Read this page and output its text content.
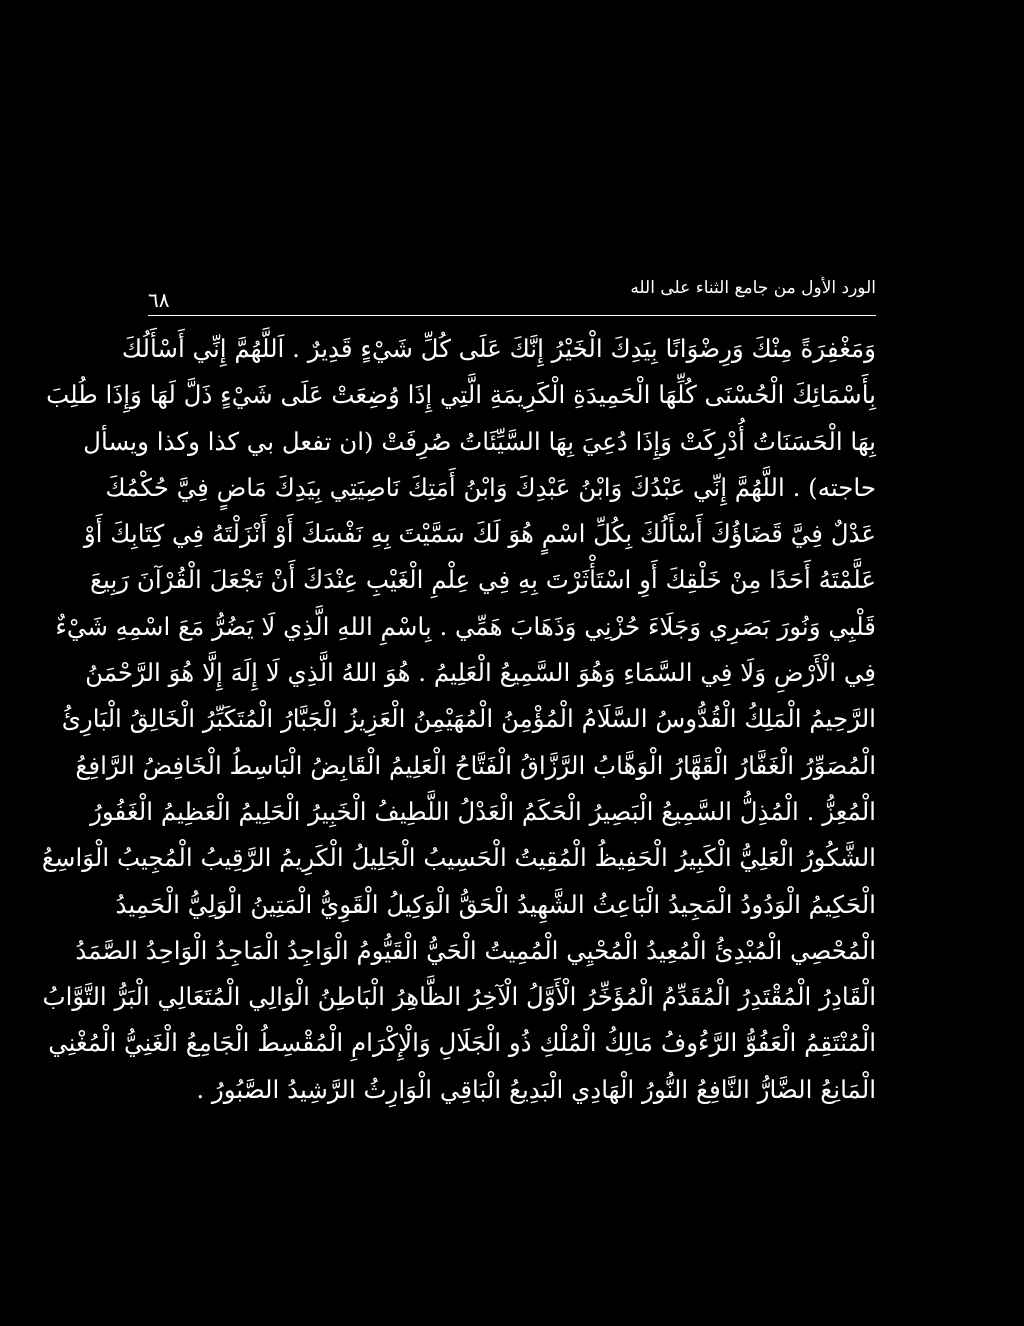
الورد الأول من جامع الثناء على الله
٦٨
وَمَغْفِرَةً مِنْكَ وَرِضْوَانًا بِيَدِكَ الْخَيْرُ إِنَّكَ عَلَى كُلِّ شَيْءٍ قَدِيرٌ . اَللَّهُمَّ إِنِّي أَسْأَلُكَ
بِأَسْمَائِكَ الْحُسْنَى كُلِّهَا الْحَمِيدَةِ الْكَرِيمَةِ الَّتِي إِذَا وُضِعَتْ عَلَى شَيْءٍ ذَلَّ لَهَا وَإِذَا طُلِبَ
بِهَا الْحَسَنَاتُ أُدْرِكَتْ وَإِذَا دُعِيَ بِهَا السَّيِّئَاتُ صُرِفَتْ (ان تفعل بي كذا وكذا ويسأل
حاجته) . اللَّهُمَّ إِنِّي عَبْدُكَ وَابْنُ عَبْدِكَ وَابْنُ أَمَتِكَ نَاصِيَتِي بِيَدِكَ مَاضٍ فِيَّ حُكْمُكَ
عَدْلٌ فِيَّ قَضَاؤُكَ أَسْأَلُكَ بِكُلِّ اسْمٍ هُوَ لَكَ سَمَّيْتَ بِهِ نَفْسَكَ أَوْ أَنْزَلْتَهُ فِي كِتَابِكَ أَوْ
عَلَّمْتَهُ أَحَدًا مِنْ خَلْقِكَ أَوِ اسْتَأْثَرْتَ بِهِ فِي عِلْمِ الْغَيْبِ عِنْدَكَ أَنْ تَجْعَلَ الْقُرْآنَ رَبِيعَ
قَلْبِي وَنُورَ بَصَرِي وَجَلَاءَ حُزْنِي وَذَهَابَ هَمِّي . بِاسْمِ اللهِ الَّذِي لَا يَضُرُّ مَعَ اسْمِهِ شَيْءٌ
فِي الْأَرْضِ وَلَا فِي السَّمَاءِ وَهُوَ السَّمِيعُ الْعَلِيمُ . هُوَ اللهُ الَّذِي لَا إِلَهَ إِلَّا هُوَ الرَّحْمَنُ
الرَّحِيمُ الْمَلِكُ الْقُدُّوسُ السَّلَامُ الْمُؤْمِنُ الْمُهَيْمِنُ الْعَزِيزُ الْجَبَّارُ الْمُتَكَبِّرُ الْخَالِقُ الْبَارِئُ
الْمُصَوِّرُ الْغَفَّارُ الْقَهَّارُ الْوَهَّابُ الرَّزَّاقُ الْفَتَّاحُ الْعَلِيمُ الْقَابِضُ الْبَاسِطُ الْخَافِضُ الرَّافِعُ
الْمُعِزُّ . الْمُذِلُّ السَّمِيعُ الْبَصِيرُ الْحَكَمُ الْعَدْلُ اللَّطِيفُ الْخَبِيرُ الْحَلِيمُ الْعَظِيمُ الْغَفُورُ
الشَّكُورُ الْعَلِيُّ الْكَبِيرُ الْحَفِيظُ الْمُقِيتُ الْحَسِيبُ الْجَلِيلُ الْكَرِيمُ الرَّقِيبُ الْمُجِيبُ الْوَاسِعُ
الْحَكِيمُ الْوَدُودُ الْمَجِيدُ الْبَاعِثُ الشَّهِيدُ الْحَقُّ الْوَكِيلُ الْقَوِيُّ الْمَتِينُ الْوَلِيُّ الْحَمِيدُ
الْمُحْصِي الْمُبْدِئُ الْمُعِيدُ الْمُحْيِي الْمُمِيتُ الْحَيُّ الْقَيُّومُ الْوَاجِدُ الْمَاجِدُ الْوَاحِدُ الصَّمَدُ
الْقَادِرُ الْمُقْتَدِرُ الْمُقَدِّمُ الْمُؤَخِّرُ الْأَوَّلُ الْآخِرُ الظَّاهِرُ الْبَاطِنُ الْوَالِي الْمُتَعَالِي الْبَرُّ التَّوَّابُ
الْمُنْتَقِمُ الْعَفُوُّ الرَّءُوفُ مَالِكُ الْمُلْكِ ذُو الْجَلَالِ وَالْإِكْرَامِ الْمُقْسِطُ الْجَامِعُ الْغَنِيُّ الْمُغْنِي
الْمَانِعُ الضَّارُّ النَّافِعُ النُّورُ الْهَادِي الْبَدِيعُ الْبَاقِي الْوَارِثُ الرَّشِيدُ الصَّبُورُ .
